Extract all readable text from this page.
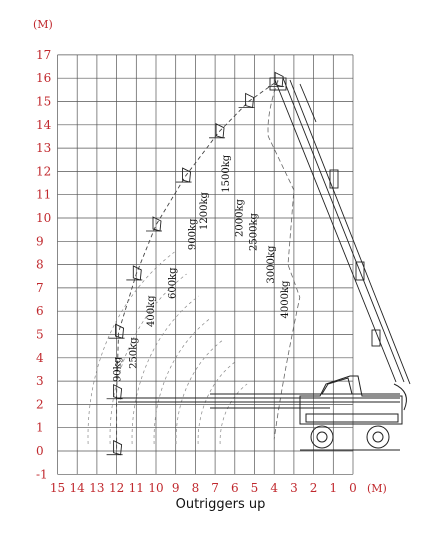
17
16
15
14
13
12
11
10
9
8
7
6
5
4
3
2
1
0
-1
15 14 13 12 11 10 9 8 7 6 5 4 3 2 1 0
(M)
(M)
90kg
250kg
400kg
600kg
900kg
1200kg
1500kg
2000kg 2500kg
3000kg
4000kg
Outriggers up
